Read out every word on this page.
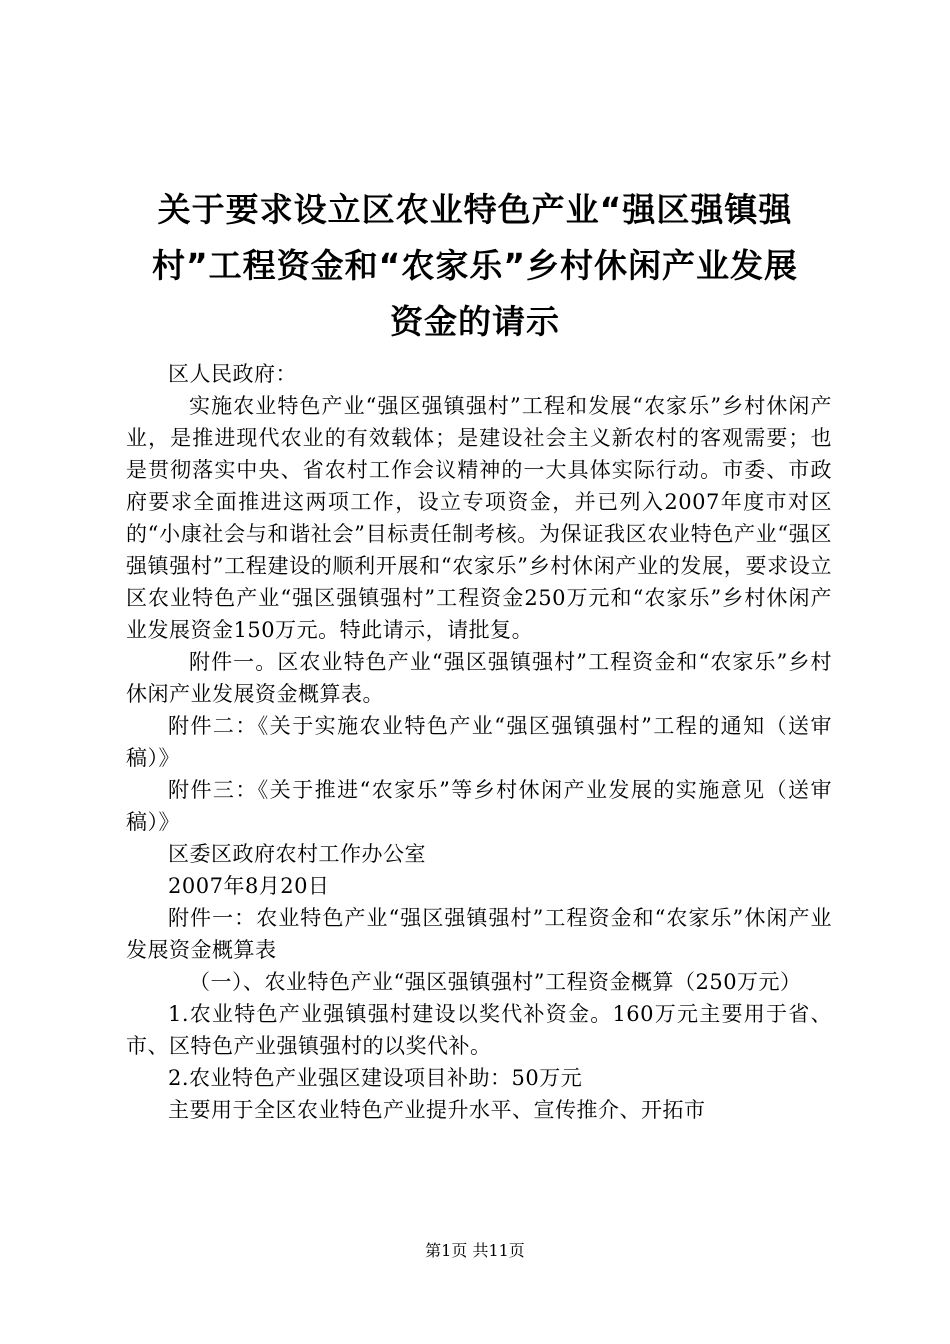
关于要求设立区农业特色产业“强区强镇强
村”工程资金和“农家乐”乡村休闲产业发展
资金的请示

区人民政府：

实施农业特色产业“强区强镇强村”工程和发展“农家乐”乡村休闲产业，是推进现代农业的有效载体；是建设社会主义新农村的客观需要；也是贯彻落实中央、省农村工作会议精神的一大具体实际行动。市委、市政府要求全面推进这两项工作，设立专项资金，并已列入2007年度市对区的“小康社会与和谐社会”目标责任制考核。为保证我区农业特色产业“强区强镇强村”工程建设的顺利开展和“农家乐”乡村休闲产业的发展，要求设立区农业特色产业“强区强镇强村”工程资金250万元和“农家乐”乡村休闲产业发展资金150万元。特此请示，请批复。

附件一。区农业特色产业“强区强镇强村”工程资金和“农家乐”乡村休闲产业发展资金概算表。

附件二：《关于实施农业特色产业“强区强镇强村”工程的通知（送审稿）》

附件三：《关于推进“农家乐”等乡村休闲产业发展的实施意见（送审稿）》

区委区政府农村工作办公室

2007年8月20日

附件一：农业特色产业“强区强镇强村”工程资金和“农家乐”休闲产业发展资金概算表

（一）、农业特色产业“强区强镇强村”工程资金概算（250万元）

1.农业特色产业强镇强村建设以奖代补资金。160万元主要用于省、市、区特色产业强镇强村的以奖代补。

2.农业特色产业强区建设项目补助：50万元

主要用于全区农业特色产业提升水平、宣传推介、开拓市

第1页 共11页
